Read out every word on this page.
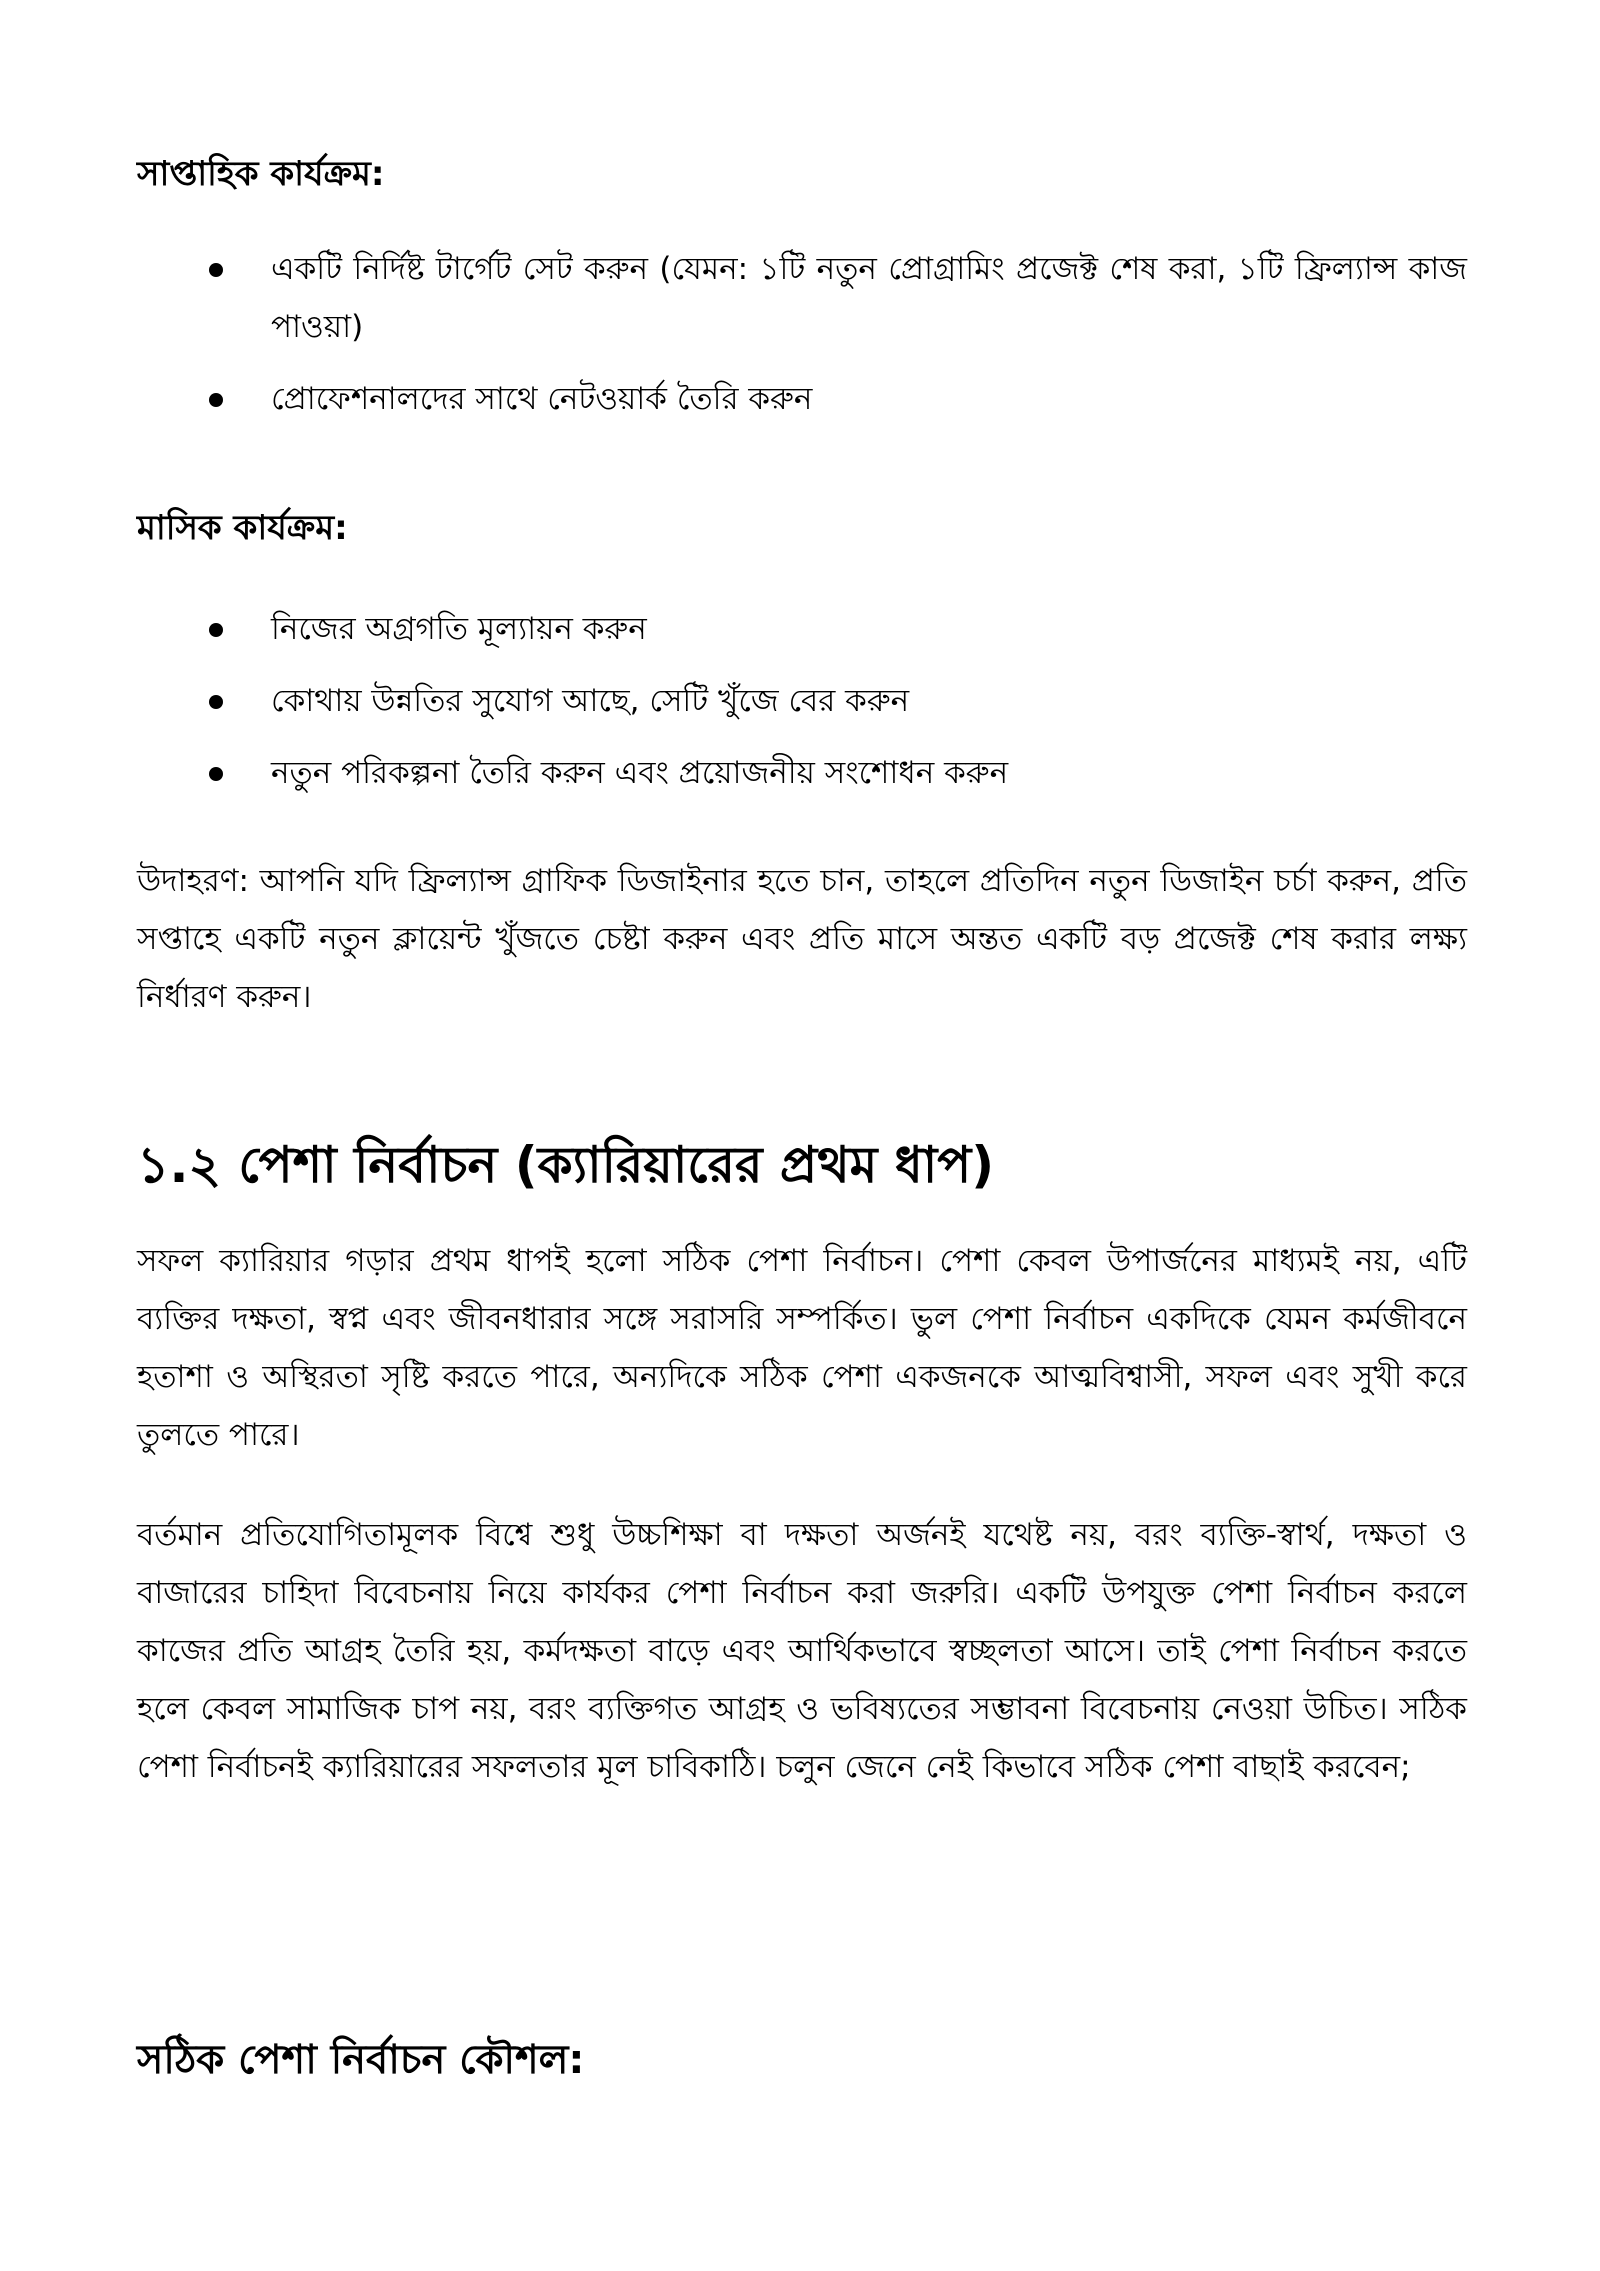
সাপ্তাহিক কার্যক্রম:
একটি নির্দিষ্ট টার্গেট সেট করুন (যেমন: ১টি নতুন প্রোগ্রামিং প্রজেক্ট শেষ করা, ১টি ফ্রিল্যান্স কাজ পাওয়া)
প্রোফেশনালদের সাথে নেটওয়ার্ক তৈরি করুন
মাসিক কার্যক্রম:
নিজের অগ্রগতি মূল্যায়ন করুন
কোথায় উন্নতির সুযোগ আছে, সেটি খুঁজে বের করুন
নতুন পরিকল্পনা তৈরি করুন এবং প্রয়োজনীয় সংশোধন করুন

উদাহরণ: আপনি যদি ফ্রিল্যান্স গ্রাফিক ডিজাইনার হতে চান, তাহলে প্রতিদিন নতুন ডিজাইন চর্চা করুন, প্রতি সপ্তাহে একটি নতুন ক্লায়েন্ট খুঁজতে চেষ্টা করুন এবং প্রতি মাসে অন্তত একটি বড় প্রজেক্ট শেষ করার লক্ষ্য নির্ধারণ করুন।

১.২ পেশা নির্বাচন (ক্যারিয়ারের প্রথম ধাপ)

সফল ক্যারিয়ার গড়ার প্রথম ধাপই হলো সঠিক পেশা নির্বাচন। পেশা কেবল উপার্জনের মাধ্যমই নয়, এটি ব্যক্তির দক্ষতা, স্বপ্ন এবং জীবনধারার সঙ্গে সরাসরি সম্পর্কিত। ভুল পেশা নির্বাচন একদিকে যেমন কর্মজীবনে হতাশা ও অস্থিরতা সৃষ্টি করতে পারে, অন্যদিকে সঠিক পেশা একজনকে আত্মবিশ্বাসী, সফল এবং সুখী করে তুলতে পারে।

বর্তমান প্রতিযোগিতামূলক বিশ্বে শুধু উচ্চশিক্ষা বা দক্ষতা অর্জনই যথেষ্ট নয়, বরং ব্যক্তি-স্বার্থ, দক্ষতা ও বাজারের চাহিদা বিবেচনায় নিয়ে কার্যকর পেশা নির্বাচন করা জরুরি। একটি উপযুক্ত পেশা নির্বাচন করলে কাজের প্রতি আগ্রহ তৈরি হয়, কর্মদক্ষতা বাড়ে এবং আর্থিকভাবে স্বচ্ছলতা আসে। তাই পেশা নির্বাচন করতে হলে কেবল সামাজিক চাপ নয়, বরং ব্যক্তিগত আগ্রহ ও ভবিষ্যতের সম্ভাবনা বিবেচনায় নেওয়া উচিত। সঠিক পেশা নির্বাচনই ক্যারিয়ারের সফলতার মূল চাবিকাঠি। চলুন জেনে নেই কিভাবে সঠিক পেশা বাছাই করবেন;

সঠিক পেশা নির্বাচন কৌশল:
